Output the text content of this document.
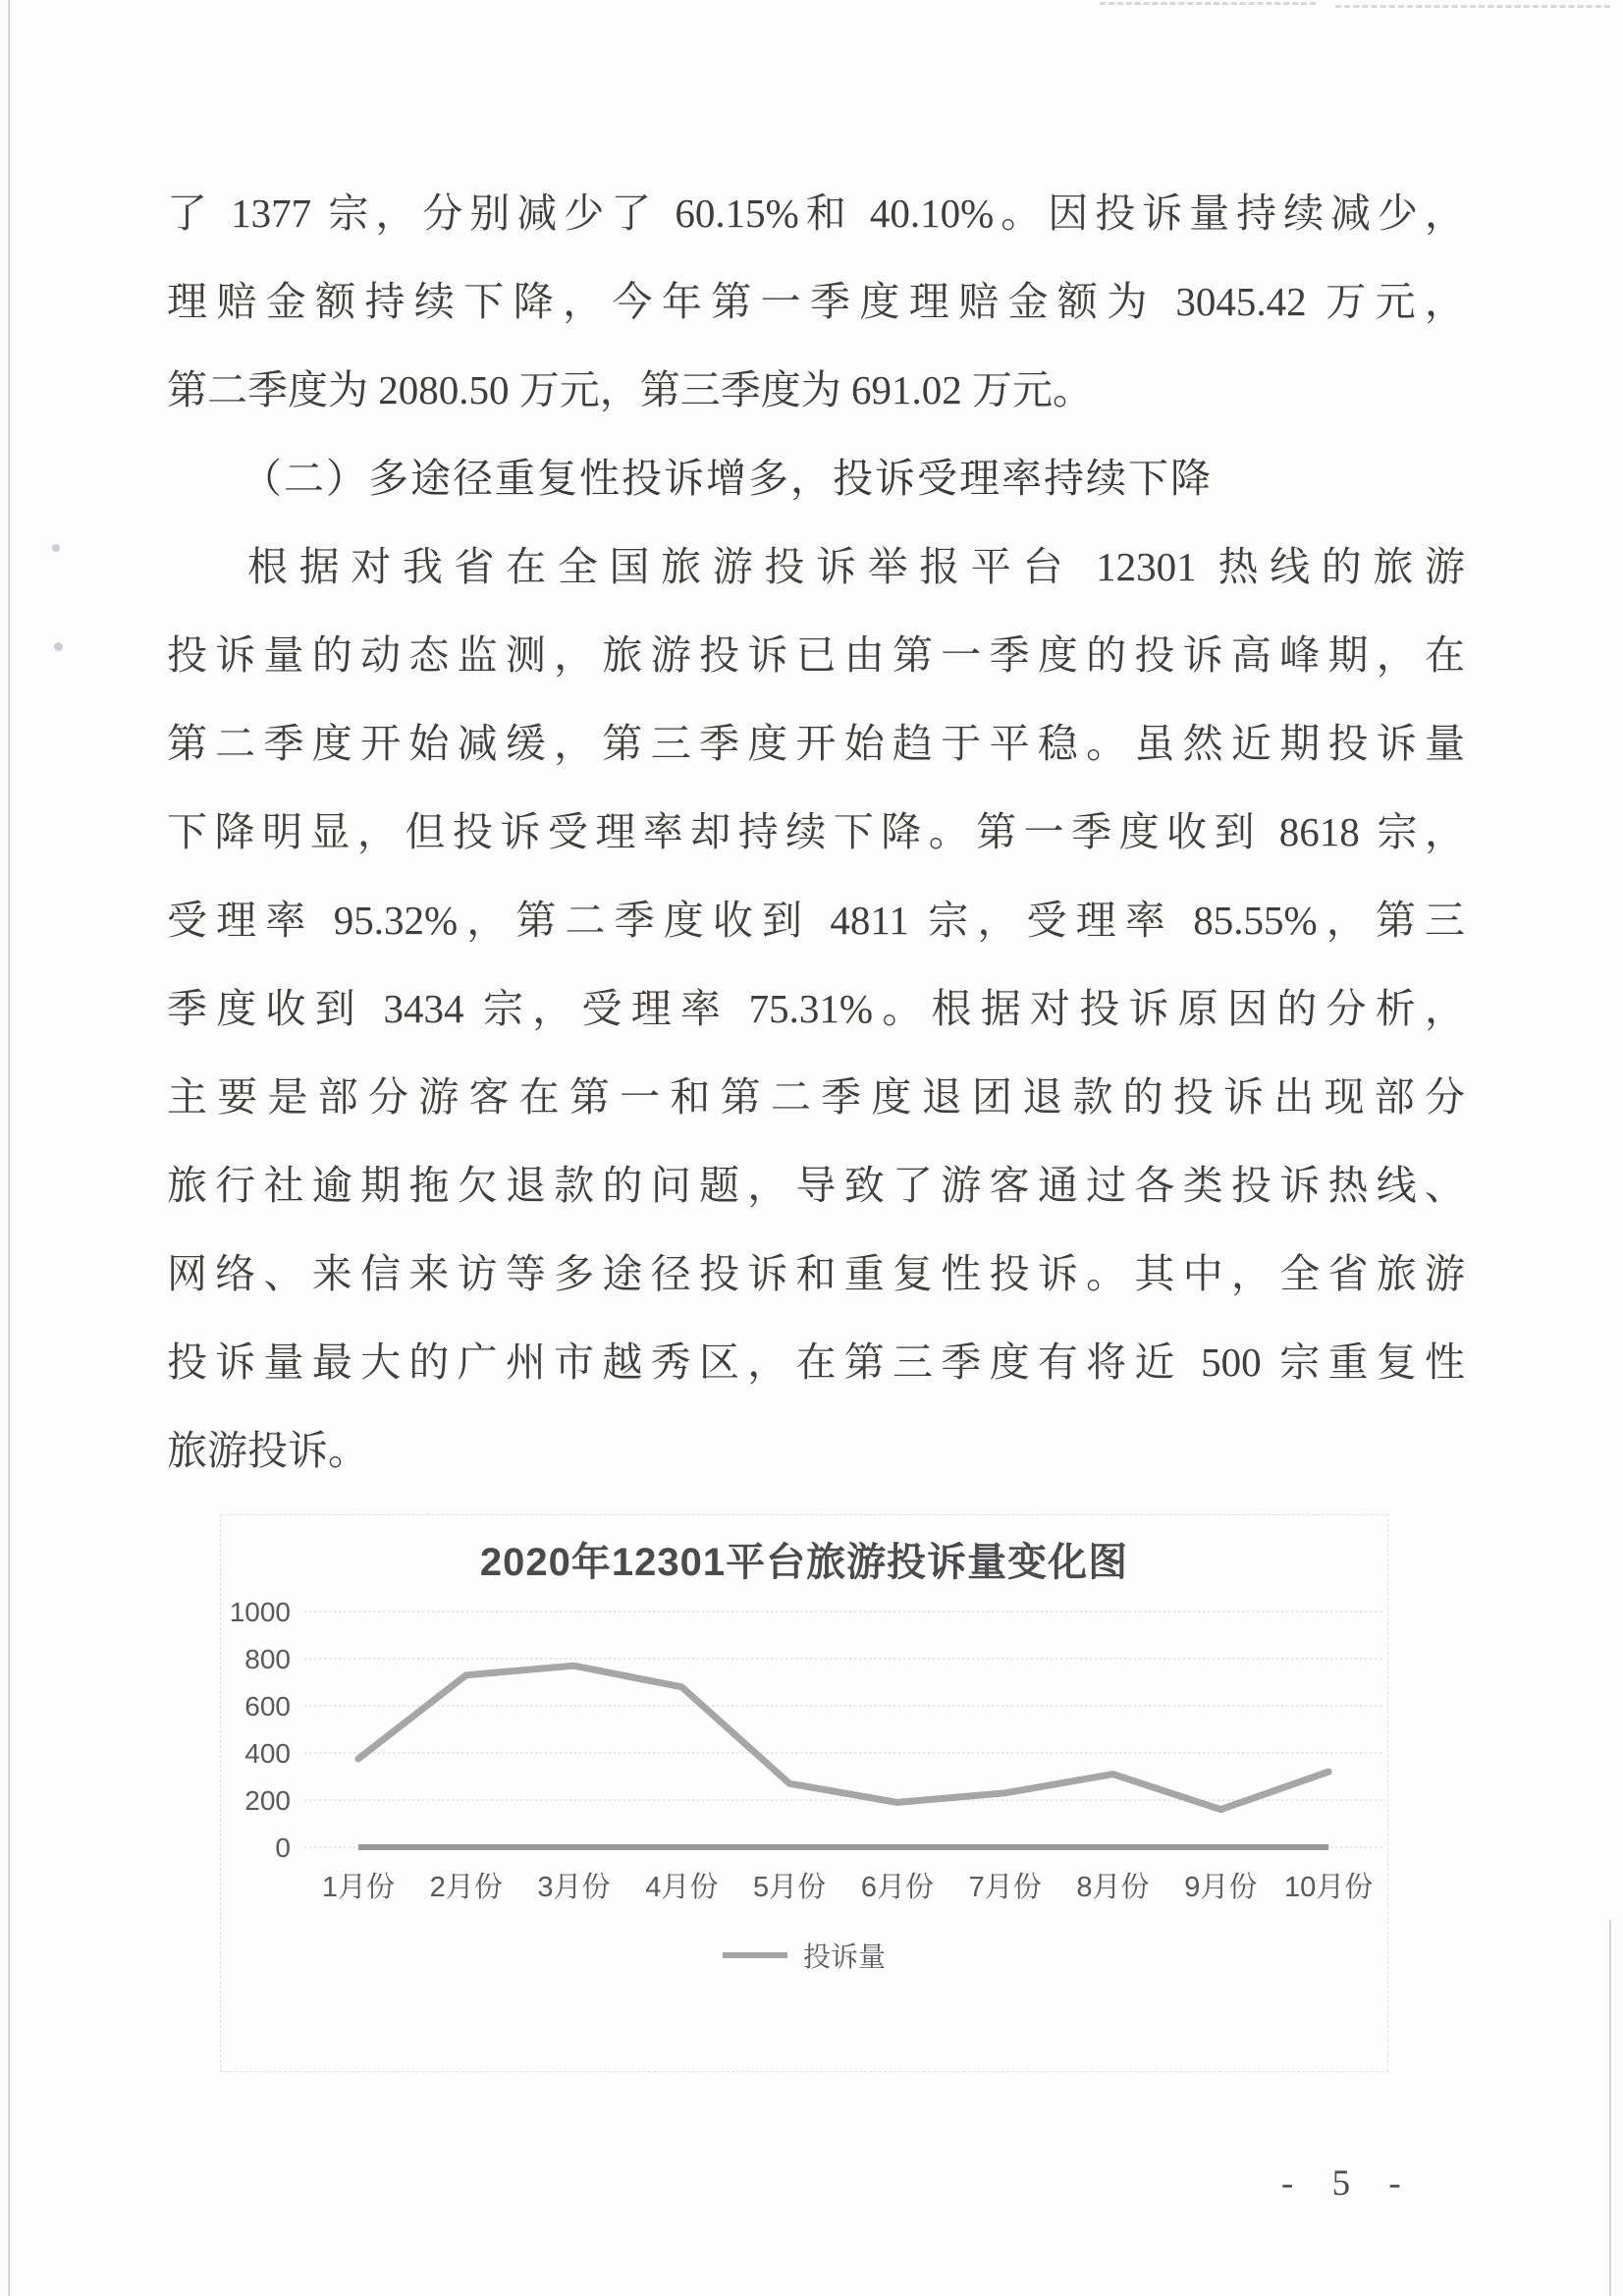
了 1377 宗，分别减少了 60.15%和 40.10%。因投诉量持续减少，
理赔金额持续下降，今年第一季度理赔金额为 3045.42 万元，
第二季度为 2080.50 万元，第三季度为 691.02 万元。
（二）多途径重复性投诉增多，投诉受理率持续下降
根据对我省在全国旅游投诉举报平台 12301 热线的旅游
投诉量的动态监测，旅游投诉已由第一季度的投诉高峰期，在
第二季度开始减缓，第三季度开始趋于平稳。虽然近期投诉量
下降明显，但投诉受理率却持续下降。第一季度收到 8618 宗，
受理率 95.32%，第二季度收到 4811 宗，受理率 85.55%，第三
季度收到 3434 宗，受理率 75.31%。根据对投诉原因的分析，
主要是部分游客在第一和第二季度退团退款的投诉出现部分
旅行社逾期拖欠退款的问题，导致了游客通过各类投诉热线、
网络、来信来访等多途径投诉和重复性投诉。其中，全省旅游
投诉量最大的广州市越秀区，在第三季度有将近 500 宗重复性
旅游投诉。
2020年12301平台旅游投诉量变化图
0
200
400
600
800
1000
1月份 2月份 3月份 4月份 5月份 6月份 7月份 8月份 9月份 10月份
投诉量
- 5 -
